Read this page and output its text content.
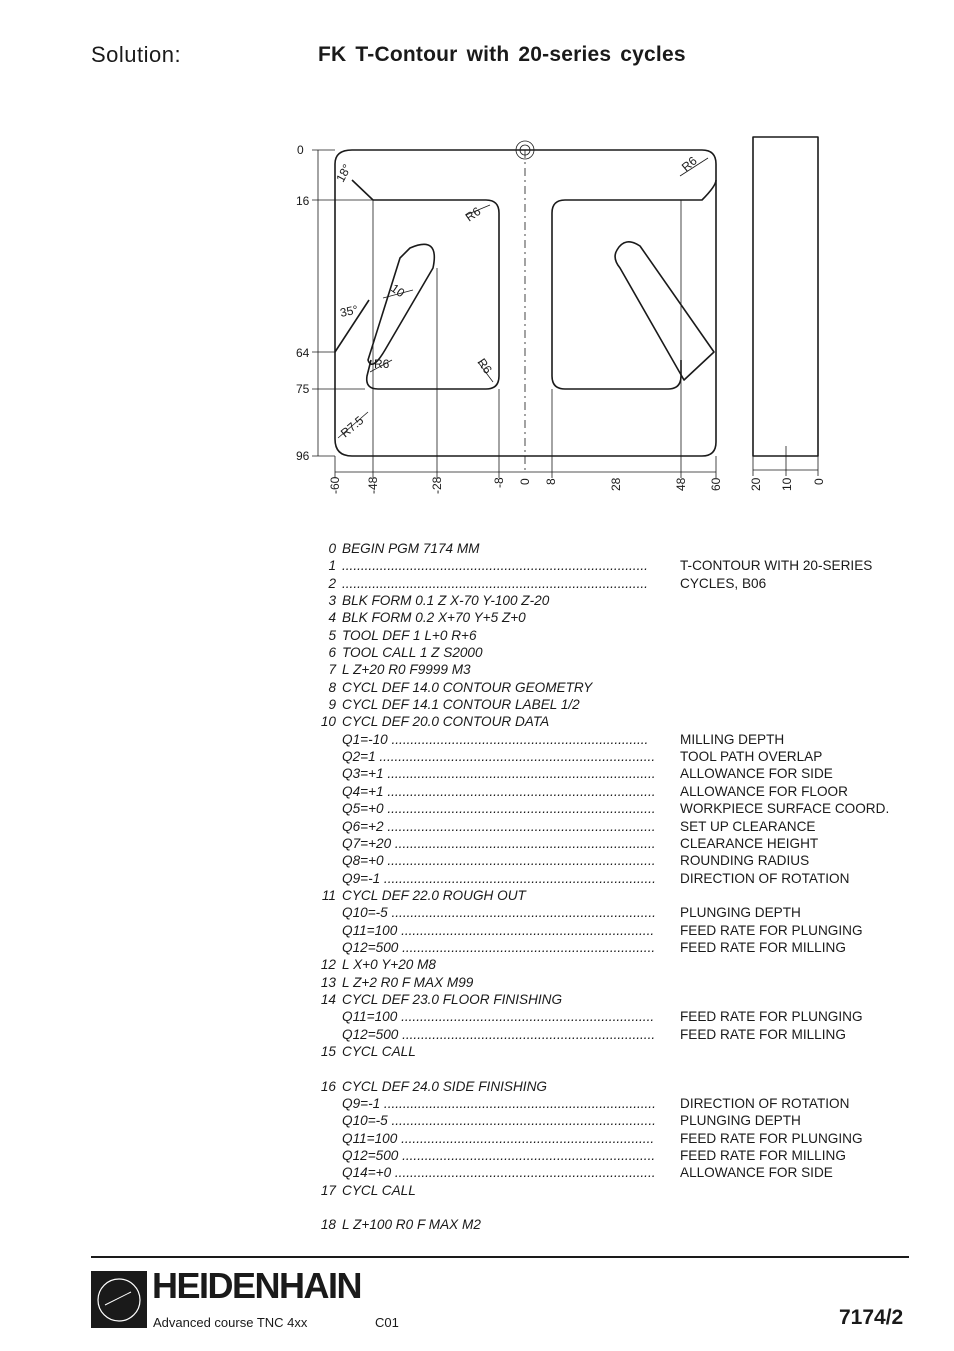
Solution:	FK T-Contour with 20-series cycles
0
16
64
75
96
-60 -48	-28	-8 0 8	28	48 60 20 10 0
18°
35°
10
R6
R6
R6	R6
R7.5
0 BEGIN PGM 7174 MM
1 .................................................................................	T-CONTOUR WITH 20-SERIES
2 .................................................................................	CYCLES, B06
3 BLK FORM 0.1 Z X-70 Y-100 Z-20
4 BLK FORM 0.2 X+70 Y+5 Z+0
5 TOOL DEF 1 L+0 R+6
6 TOOL CALL 1 Z S2000
7 L Z+20 R0 F9999 M3
8 CYCL DEF 14.0 CONTOUR GEOMETRY
9 CYCL DEF 14.1 CONTOUR LABEL 1/2
10 CYCL DEF 20.0 CONTOUR DATA
Q1=-10 ....................................................................	MILLING DEPTH
Q2=1 .........................................................................	TOOL PATH OVERLAP
Q3=+1 .......................................................................	ALLOWANCE FOR SIDE
Q4=+1 .......................................................................	ALLOWANCE FOR FLOOR
Q5=+0 .......................................................................	WORKPIECE SURFACE COORD.
Q6=+2 .......................................................................	SET UP CLEARANCE
Q7=+20 .....................................................................	CLEARANCE HEIGHT
Q8=+0 .......................................................................	ROUNDING RADIUS
Q9=-1 ........................................................................	DIRECTION OF ROTATION
11 CYCL DEF 22.0 ROUGH OUT
Q10=-5 ......................................................................	PLUNGING DEPTH
Q11=100 ...................................................................	FEED RATE FOR PLUNGING
Q12=500 ...................................................................	FEED RATE FOR MILLING
12 L X+0 Y+20 M8
13 L Z+2 R0 F MAX M99
14 CYCL DEF 23.0 FLOOR FINISHING
Q11=100 ...................................................................	FEED RATE FOR PLUNGING
Q12=500 ...................................................................	FEED RATE FOR MILLING
15 CYCL CALL
16 CYCL DEF 24.0 SIDE FINISHING
Q9=-1 ........................................................................	DIRECTION OF ROTATION
Q10=-5 ......................................................................	PLUNGING DEPTH
Q11=100 ...................................................................	FEED RATE FOR PLUNGING
Q12=500 ...................................................................	FEED RATE FOR MILLING
Q14=+0 .....................................................................	ALLOWANCE FOR SIDE
17 CYCL CALL
18 L Z+100 R0 F MAX M2
HEIDENHAIN
Advanced course TNC 4xx	C01	7174/2
